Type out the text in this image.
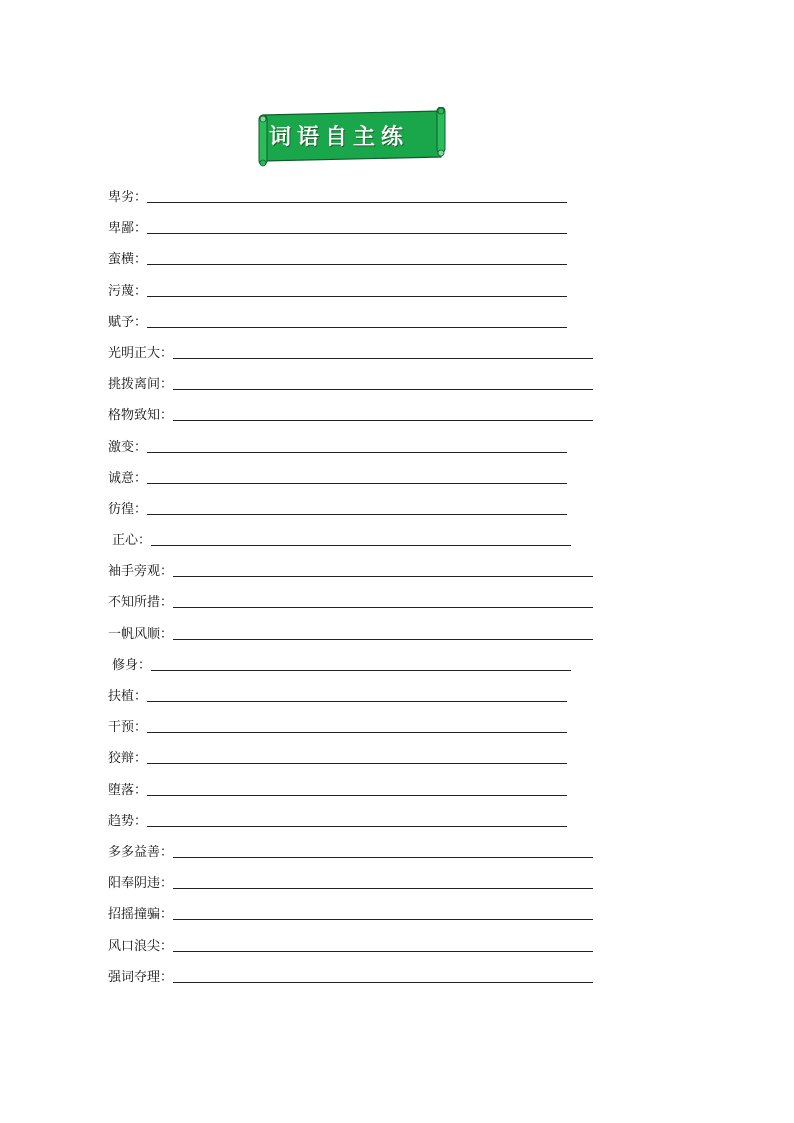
词语自主练
卑劣：
卑鄙：
蛮横：
污蔑：
赋予：
光明正大：
挑拨离间：
格物致知：
激变：
诚意：
彷徨：
正心：
袖手旁观：
不知所措：
一帆风顺：
修身：
扶植：
干预：
狡辩：
堕落：
趋势：
多多益善：
阳奉阴违：
招摇撞骗：
风口浪尖：
强词夺理：
